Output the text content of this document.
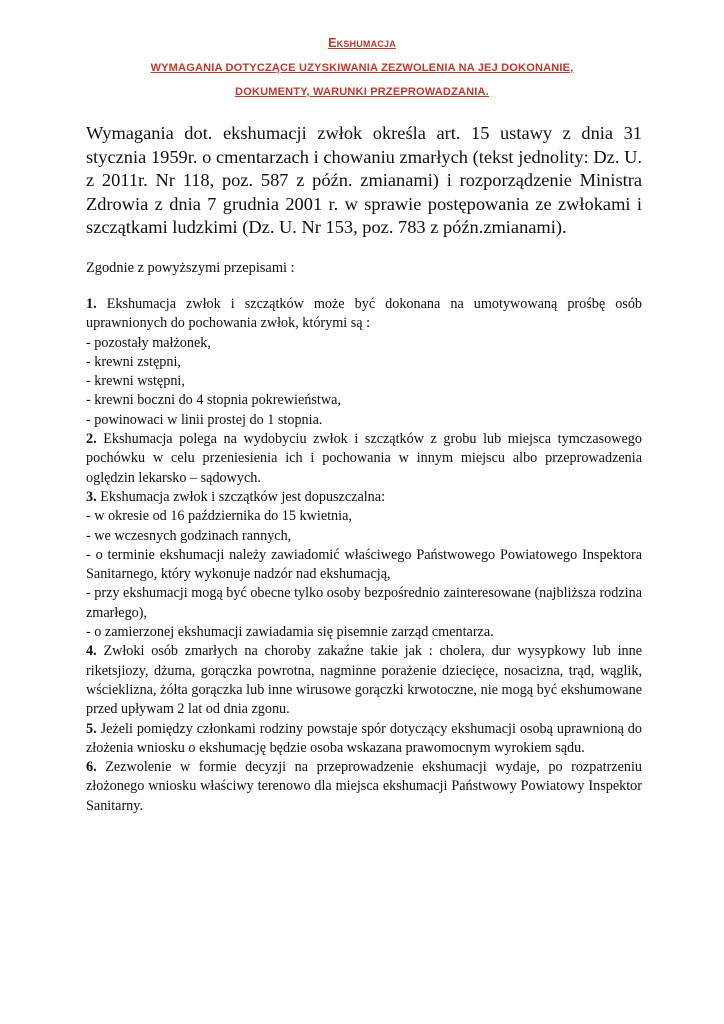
Ekshumacja
WYMAGANIA DOTYCZĄCE UZYSKIWANIA ZEZWOLENIA NA JEJ DOKONANIE,
DOKUMENTY, WARUNKI PRZEPROWADZANIA.

Wymagania dot. ekshumacji zwłok określa art. 15 ustawy z dnia 31 stycznia 1959r. o cmentarzach i chowaniu zmarłych (tekst jednolity: Dz. U. z 2011r. Nr 118, poz. 587 z późn. zmianami) i rozporządzenie Ministra Zdrowia z dnia 7 grudnia 2001 r. w sprawie postępowania ze zwłokami i szczątkami ludzkimi (Dz. U. Nr 153, poz. 783 z późn.zmianami).

Zgodnie z powyższymi przepisami :

1. Ekshumacja zwłok i szczątków może być dokonana na umotywowaną prośbę osób uprawnionych do pochowania zwłok, którymi są :

- pozostały małżonek,

- krewni zstępni,

- krewni wstępni,

- krewni boczni do 4 stopnia pokrewieństwa,

- powinowaci w linii prostej do 1 stopnia.

2. Ekshumacja polega na wydobyciu zwłok i szczątków z grobu lub miejsca tymczasowego pochówku w celu przeniesienia ich i pochowania w innym miejscu albo przeprowadzenia oględzin lekarsko – sądowych.

3. Ekshumacja zwłok i szczątków jest dopuszczalna:

- w okresie od 16 października do 15 kwietnia,

- we wczesnych godzinach rannych,

- o terminie ekshumacji należy zawiadomić właściwego Państwowego Powiatowego Inspektora Sanitarnego, który wykonuje nadzór nad ekshumacją,

- przy ekshumacji mogą być obecne tylko osoby bezpośrednio zainteresowane (najbliższa rodzina zmarłego),

- o zamierzonej ekshumacji zawiadamia się pisemnie zarząd cmentarza.

4. Zwłoki osób zmarłych na choroby zakaźne takie jak : cholera, dur wysypkowy lub inne riketsjiozy, dżuma, gorączka powrotna, nagminne porażenie dziecięce, nosacizna, trąd, wąglik, wścieklizna, żółta gorączka lub inne wirusowe gorączki krwotoczne, nie mogą być ekshumowane przed upływam 2 lat od dnia zgonu.

5. Jeżeli pomiędzy członkami rodziny powstaje spór dotyczący ekshumacji osobą uprawnioną do złożenia wniosku o ekshumację będzie osoba wskazana prawomocnym wyrokiem sądu.

6. Zezwolenie w formie decyzji na przeprowadzenie ekshumacji wydaje, po rozpatrzeniu złożonego wniosku właściwy terenowo dla miejsca ekshumacji Państwowy Powiatowy Inspektor Sanitarny.
